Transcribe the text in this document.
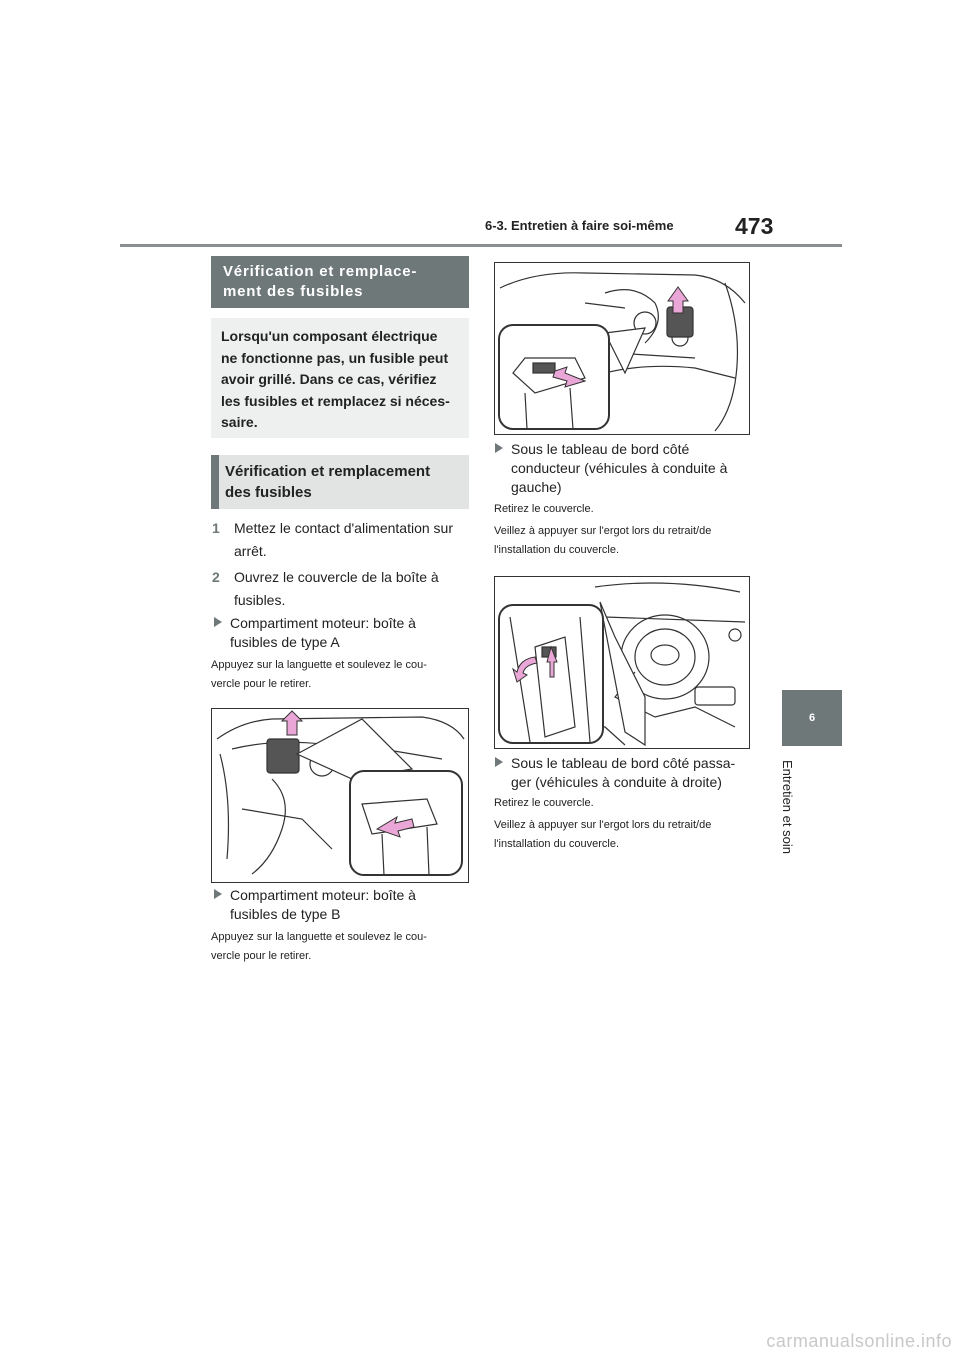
6-3. Entretien à faire soi-même	473
6
Entretien et soin
Vérification et remplace-
ment des fusibles
Lorsqu'un composant électrique
ne fonctionne pas, un fusible peut
avoir grillé. Dans ce cas, vérifiez
les fusibles et remplacez si néces-
saire.
Vérification et remplacement
des fusibles
1 Mettez le contact d'alimentation sur
arrêt.
2 Ouvrez le couvercle de la boîte à
fusibles.
Compartiment moteur: boîte à
fusibles de type A
Appuyez sur la languette et soulevez le cou-
vercle pour le retirer.
Compartiment moteur: boîte à
fusibles de type B
Appuyez sur la languette et soulevez le cou-
vercle pour le retirer.
Sous le tableau de bord côté
conducteur (véhicules à conduite à
gauche)
Retirez le couvercle.
Veillez à appuyer sur l'ergot lors du retrait/de
l'installation du couvercle.
Sous le tableau de bord côté passa-
ger (véhicules à conduite à droite)
Retirez le couvercle.
Veillez à appuyer sur l'ergot lors du retrait/de
l'installation du couvercle.
carmanualsonline.info
